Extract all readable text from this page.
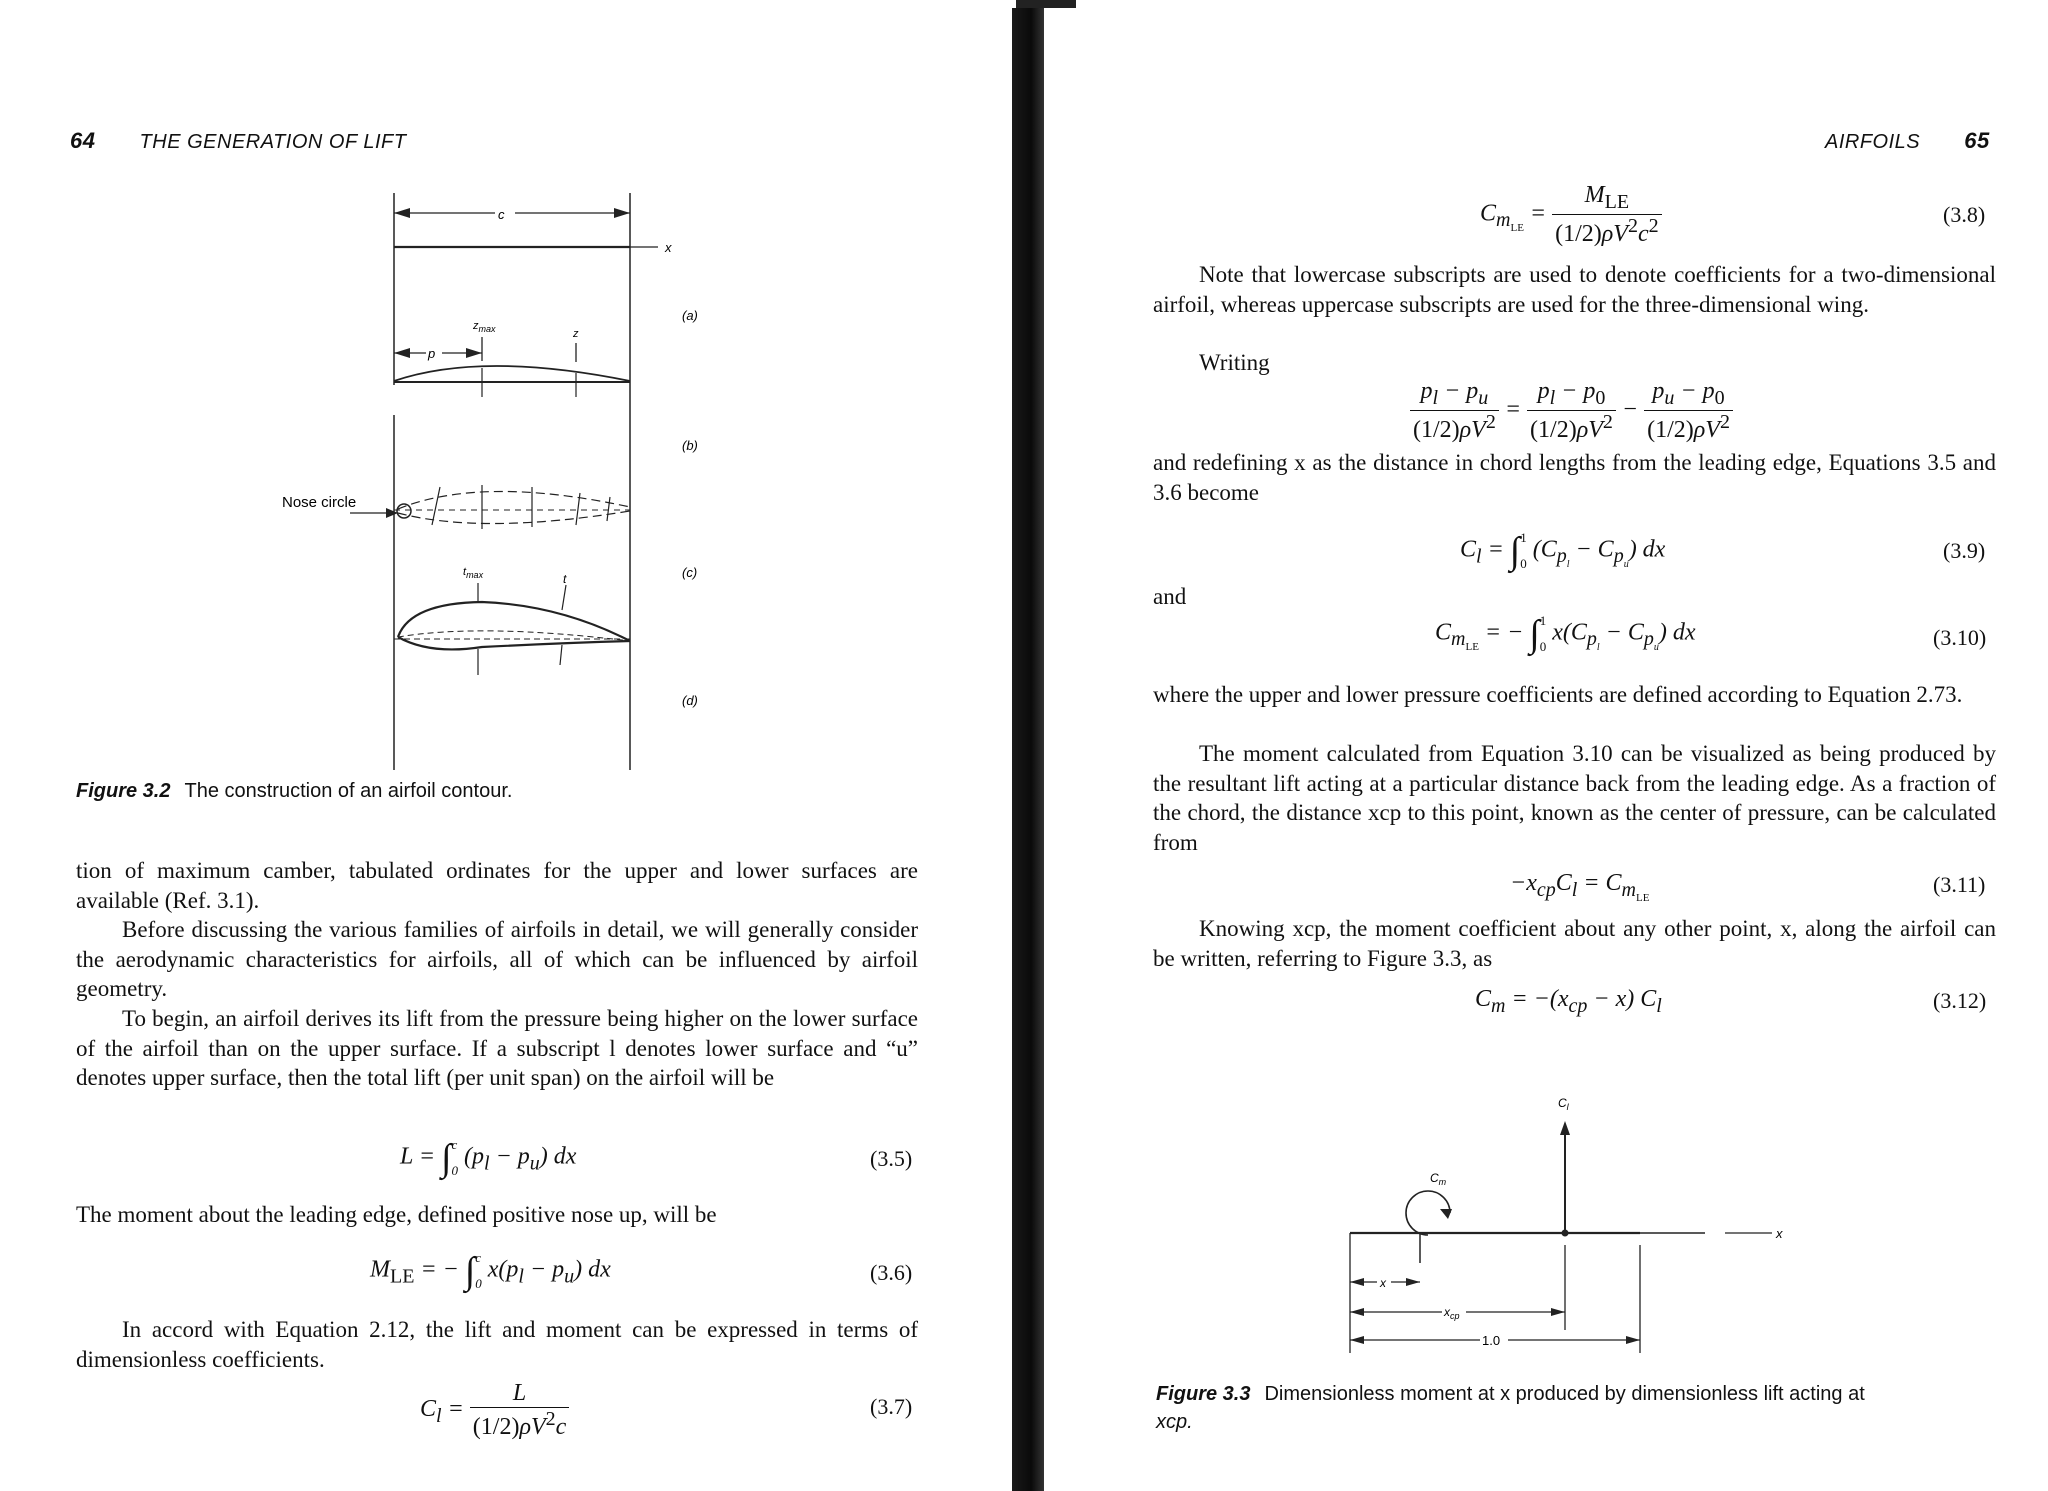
64 THE GENERATION OF LIFT
c
x
(a)
$z_{max}$	z
p
(b)
Nose circle
(c)
$t_{max}$	t
(d)
Figure 3.2 The construction of an airfoil contour.

tion of maximum camber, tabulated ordinates for the upper and lower surfaces are available (Ref. 3.1).

Before discussing the various families of airfoils in detail, we will generally consider the aerodynamic characteristics for airfoils, all of which can be influenced by airfoil geometry.

To begin, an airfoil derives its lift from the pressure being higher on the lower surface of the airfoil than on the upper surface. If a subscript l denotes lower surface and “u” denotes upper surface, then the total lift (per unit span) on the airfoil will be

L = ∫ c
0
$(p_l - p_u)$ dx	(3.5)

The moment about the leading edge, defined positive nose up, will be

$M_{LE}$ = − ∫ c
0
$x(p_l - p_u)$ dx	(3.6)

In accord with Equation 2.12, the lift and moment can be expressed in terms of dimensionless coefficients.

$C_l = \frac{L}{(1/2)\rho V^2c}$	(3.7)
AIRFOILS 65
$C_{m_{LE}} = \frac{M_{LE}}{(1/2)\rho V^2c^2}$	(3.8)

Note that lowercase subscripts are used to denote coefficients for a two-dimensional airfoil, whereas uppercase subscripts are used for the three-dimensional wing.

Writing

$\frac{p_l - p_u}{(1/2)\rho V^2} = \frac{p_l - p_0}{(1/2)\rho V^2} - \frac{p_u - p_0}{(1/2)\rho V^2}$

and redefining x as the distance in chord lengths from the leading edge, Equations 3.5 and 3.6 become

$C_l$ = ∫ 1
0
$(C_{p_l} - C_{p_u})$ dx	(3.9)

and

$C_{m_{LE}}$ = − ∫ 1
0
$x(C_{p_l} - C_{p_u})$ dx	(3.10)

where the upper and lower pressure coefficients are defined according to Equation 2.73.

The moment calculated from Equation 3.10 can be visualized as being produced by the resultant lift acting at a particular distance back from the leading edge. As a fraction of the chord, the distance xcp to this point, known as the center of pressure, can be calculated from

$-x_{cp}C_l = C_{m_{LE}}$
(3.11)

Knowing xcp, the moment coefficient about any other point, x, along the airfoil can be written, referring to Figure 3.3, as

$C_m = -(x_{cp} - x)$ $C_l$	(3.12)
x
$C_l$
$C_m$
x
$x_{cp}$
1.0
Figure 3.3 Dimensionless moment at x produced by dimensionless lift acting at
xcp.
